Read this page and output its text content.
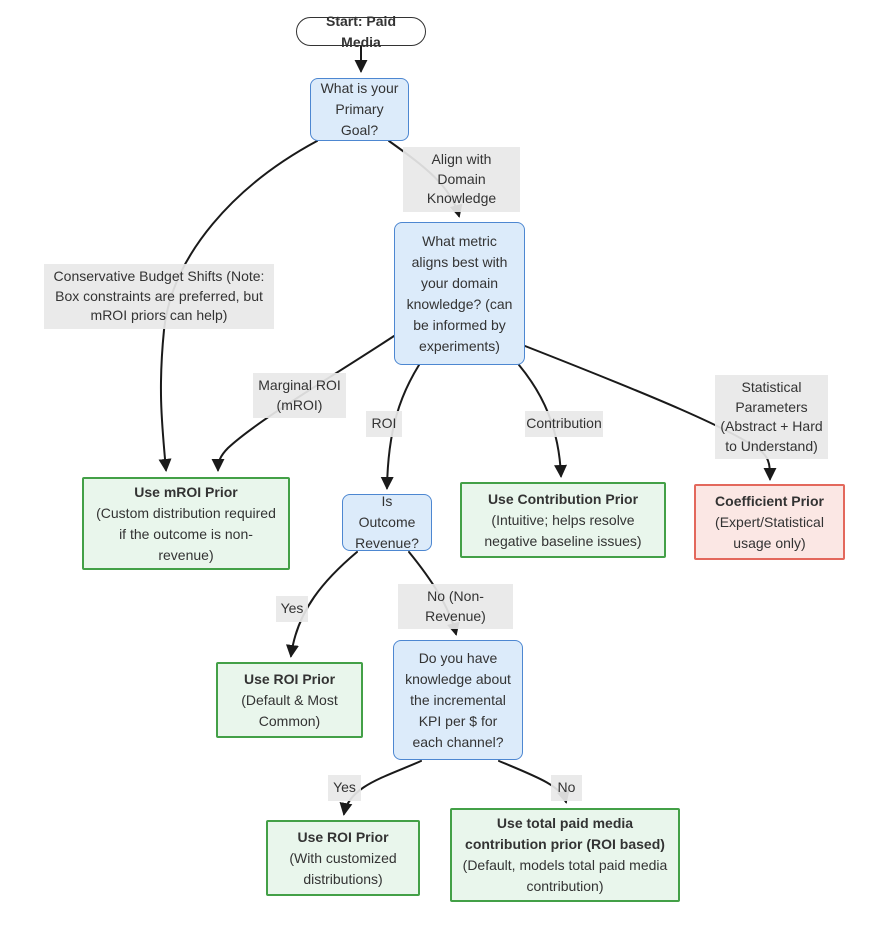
Align with Domain Knowledge
Conservative Budget Shifts (Note: Box constraints are preferred, but mROI priors can help)
Marginal ROI (mROI)
ROI	Contribution
Statistical Parameters (Abstract + Hard to Understand)
Yes
No (Non-Revenue)
Yes	No
Start: Paid Media
What is your Primary Goal?
What metric aligns best with your domain knowledge? (can be informed by experiments)
Use mROI Prior
(Custom distribution required if the outcome is non-revenue)
Is Outcome Revenue?
Use Contribution Prior
(Intuitive; helps resolve negative baseline issues)
Coefficient Prior
(Expert/Statistical usage only)
Use ROI Prior
(Default & Most Common)
Do you have knowledge about the incremental KPI per $ for each channel?
Use ROI Prior
(With customized distributions)
Use total paid media contribution prior (ROI based)
(Default, models total paid media contribution)
